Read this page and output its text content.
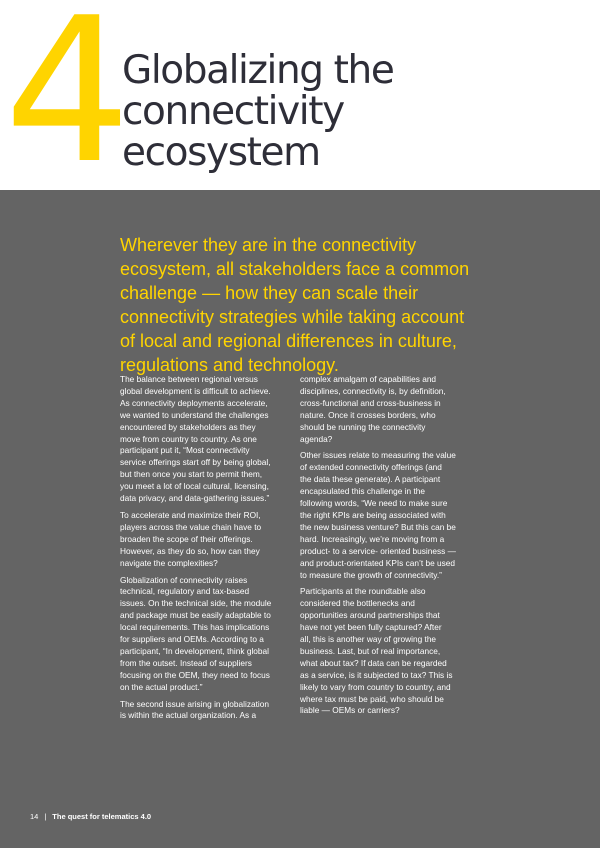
4
Globalizing the
connectivity
ecosystem

Wherever they are in the connectivity
ecosystem, all stakeholders face a common
challenge — how they can scale their
connectivity strategies while taking account
of local and regional differences in culture,
regulations and technology.

The balance between regional versus
global development is difficult to achieve.
As connectivity deployments accelerate,
we wanted to understand the challenges
encountered by stakeholders as they
move from country to country. As one
participant put it, “Most connectivity
service offerings start off by being global,
but then once you start to permit them,
you meet a lot of local cultural, licensing,
data privacy, and data-gathering issues.”

To accelerate and maximize their ROI,
players across the value chain have to
broaden the scope of their offerings.
However, as they do so, how can they
navigate the complexities?

Globalization of connectivity raises
technical, regulatory and tax-based
issues. On the technical side, the module
and package must be easily adaptable to
local requirements. This has implications
for suppliers and OEMs. According to a
participant, “In development, think global
from the outset. Instead of suppliers
focusing on the OEM, they need to focus
on the actual product.”

The second issue arising in globalization
is within the actual organization. As a

complex amalgam of capabilities and
disciplines, connectivity is, by definition,
cross-functional and cross-business in
nature. Once it crosses borders, who
should be running the connectivity
agenda?

Other issues relate to measuring the value
of extended connectivity offerings (and
the data these generate). A participant
encapsulated this challenge in the
following words, “We need to make sure
the right KPIs are being associated with
the new business venture? But this can be
hard. Increasingly, we’re moving from a
product- to a service- oriented business —
and product-orientated KPIs can’t be used
to measure the growth of connectivity.”

Participants at the roundtable also
considered the bottlenecks and
opportunities around partnerships that
have not yet been fully captured? After
all, this is another way of growing the
business. Last, but of real importance,
what about tax? If data can be regarded
as a service, is it subjected to tax? This is
likely to vary from country to country, and
where tax must be paid, who should be
liable — OEMs or carriers?

14 | The quest for telematics 4.0
